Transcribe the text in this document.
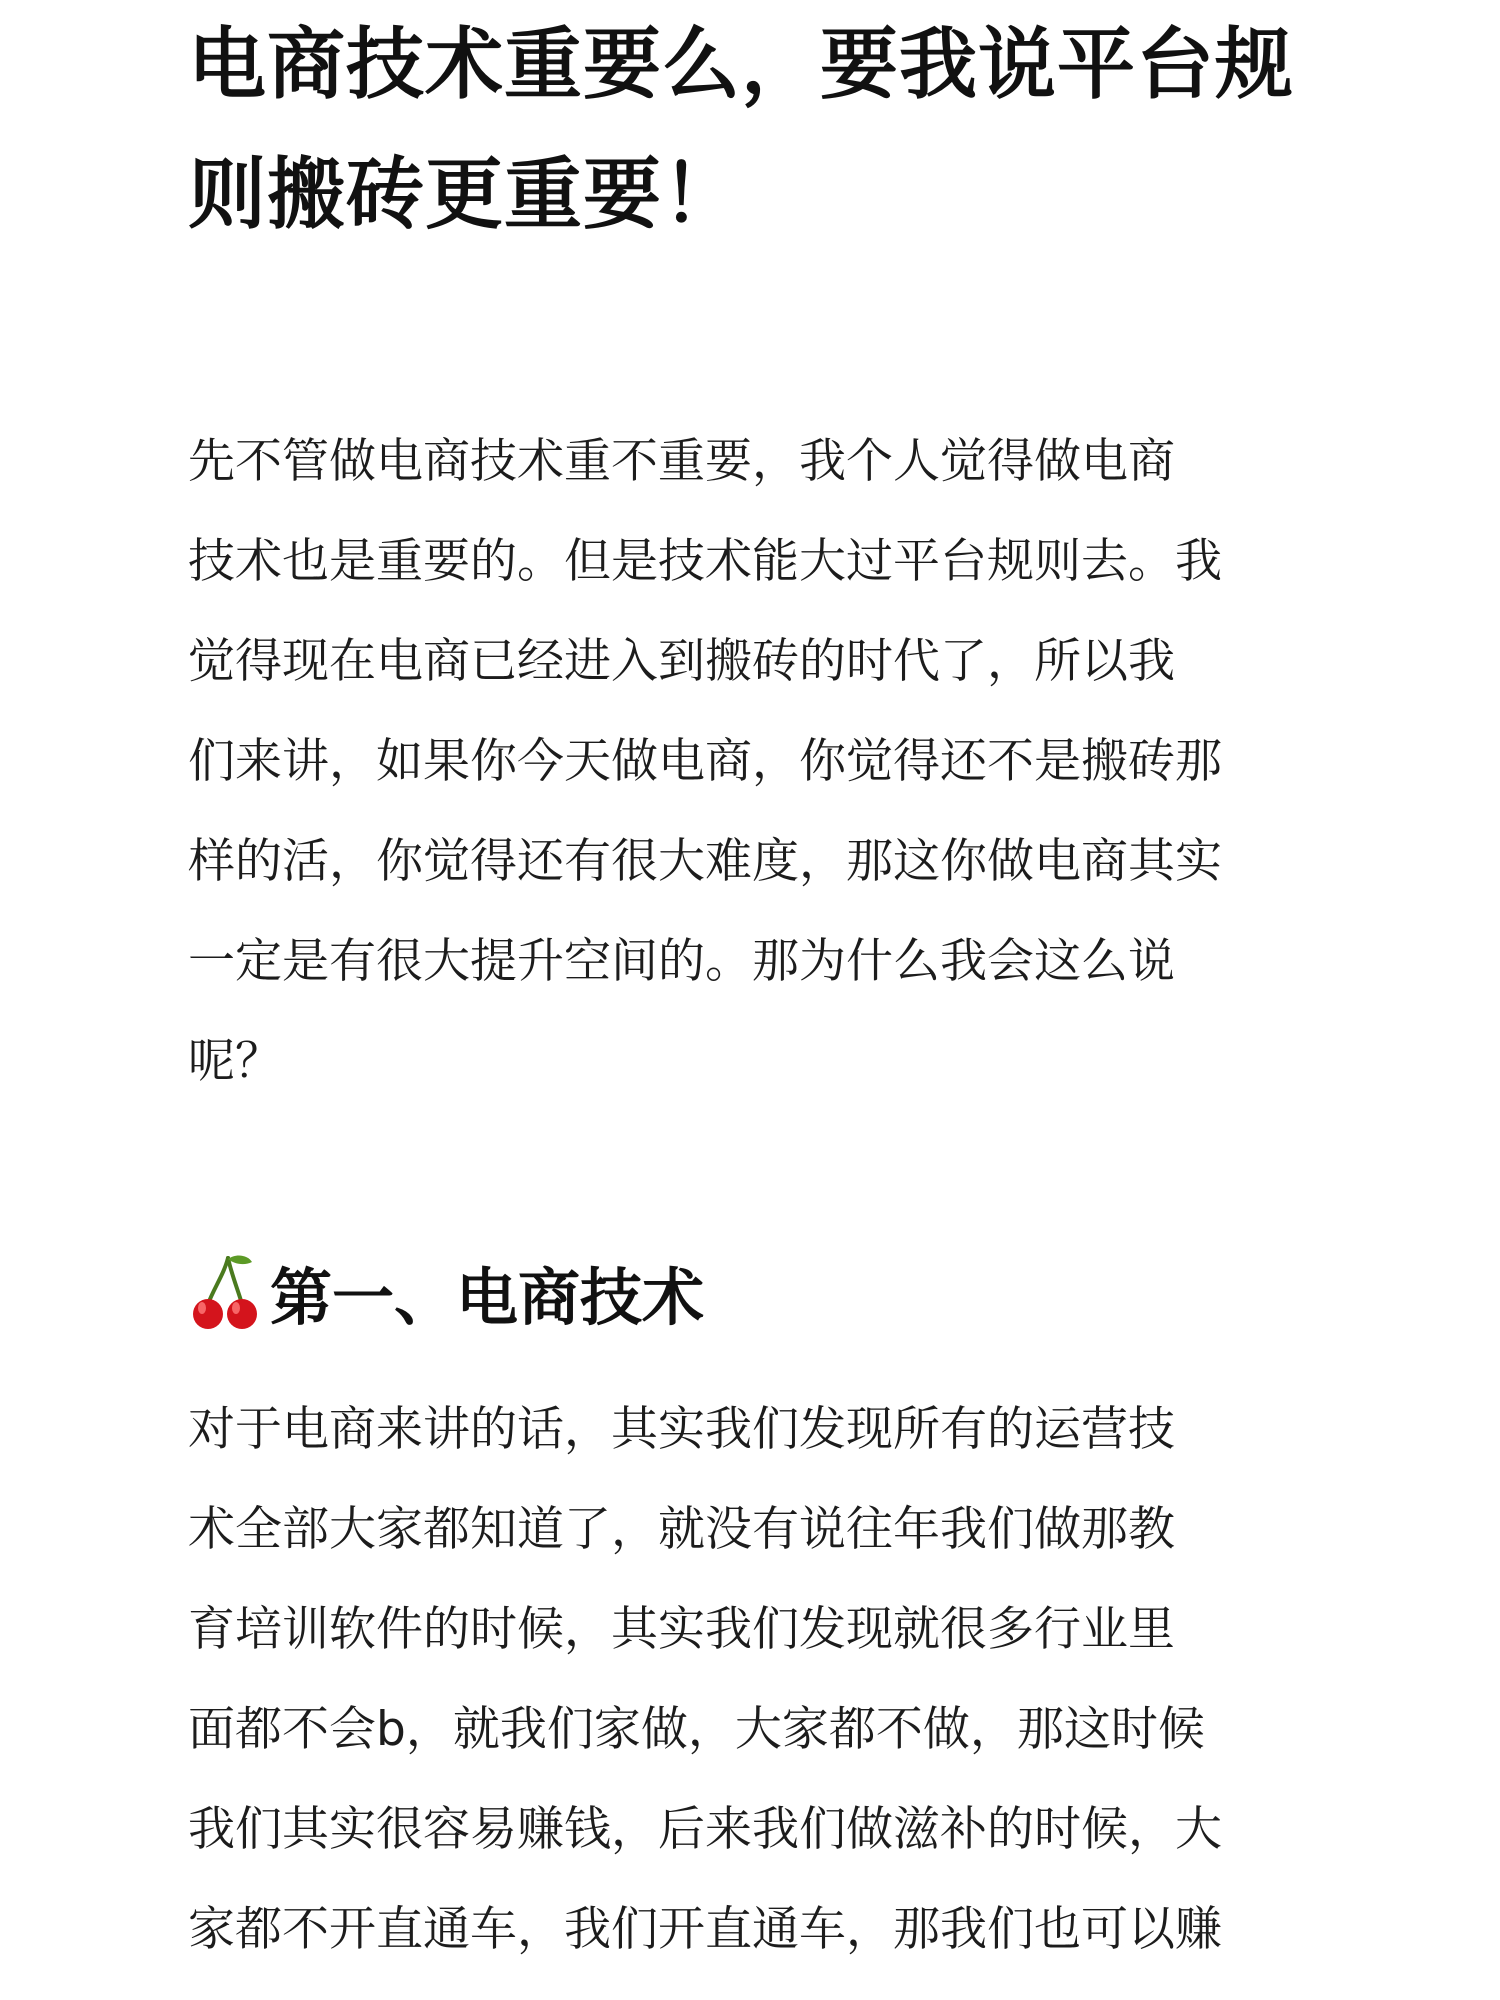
电商技术重要么，要我说平台规
则搬砖更重要！
先不管做电商技术重不重要，我个人觉得做电商
技术也是重要的。但是技术能大过平台规则去。我
觉得现在电商已经进入到搬砖的时代了，所以我
们来讲，如果你今天做电商，你觉得还不是搬砖那
样的活，你觉得还有很大难度，那这你做电商其实
一定是有很大提升空间的。那为什么我会这么说
呢？
第一、电商技术
对于电商来讲的话，其实我们发现所有的运营技
术全部大家都知道了，就没有说往年我们做那教
育培训软件的时候，其实我们发现就很多行业里
面都不会b，就我们家做，大家都不做，那这时候
我们其实很容易赚钱，后来我们做滋补的时候，大
家都不开直通车，我们开直通车，那我们也可以赚
